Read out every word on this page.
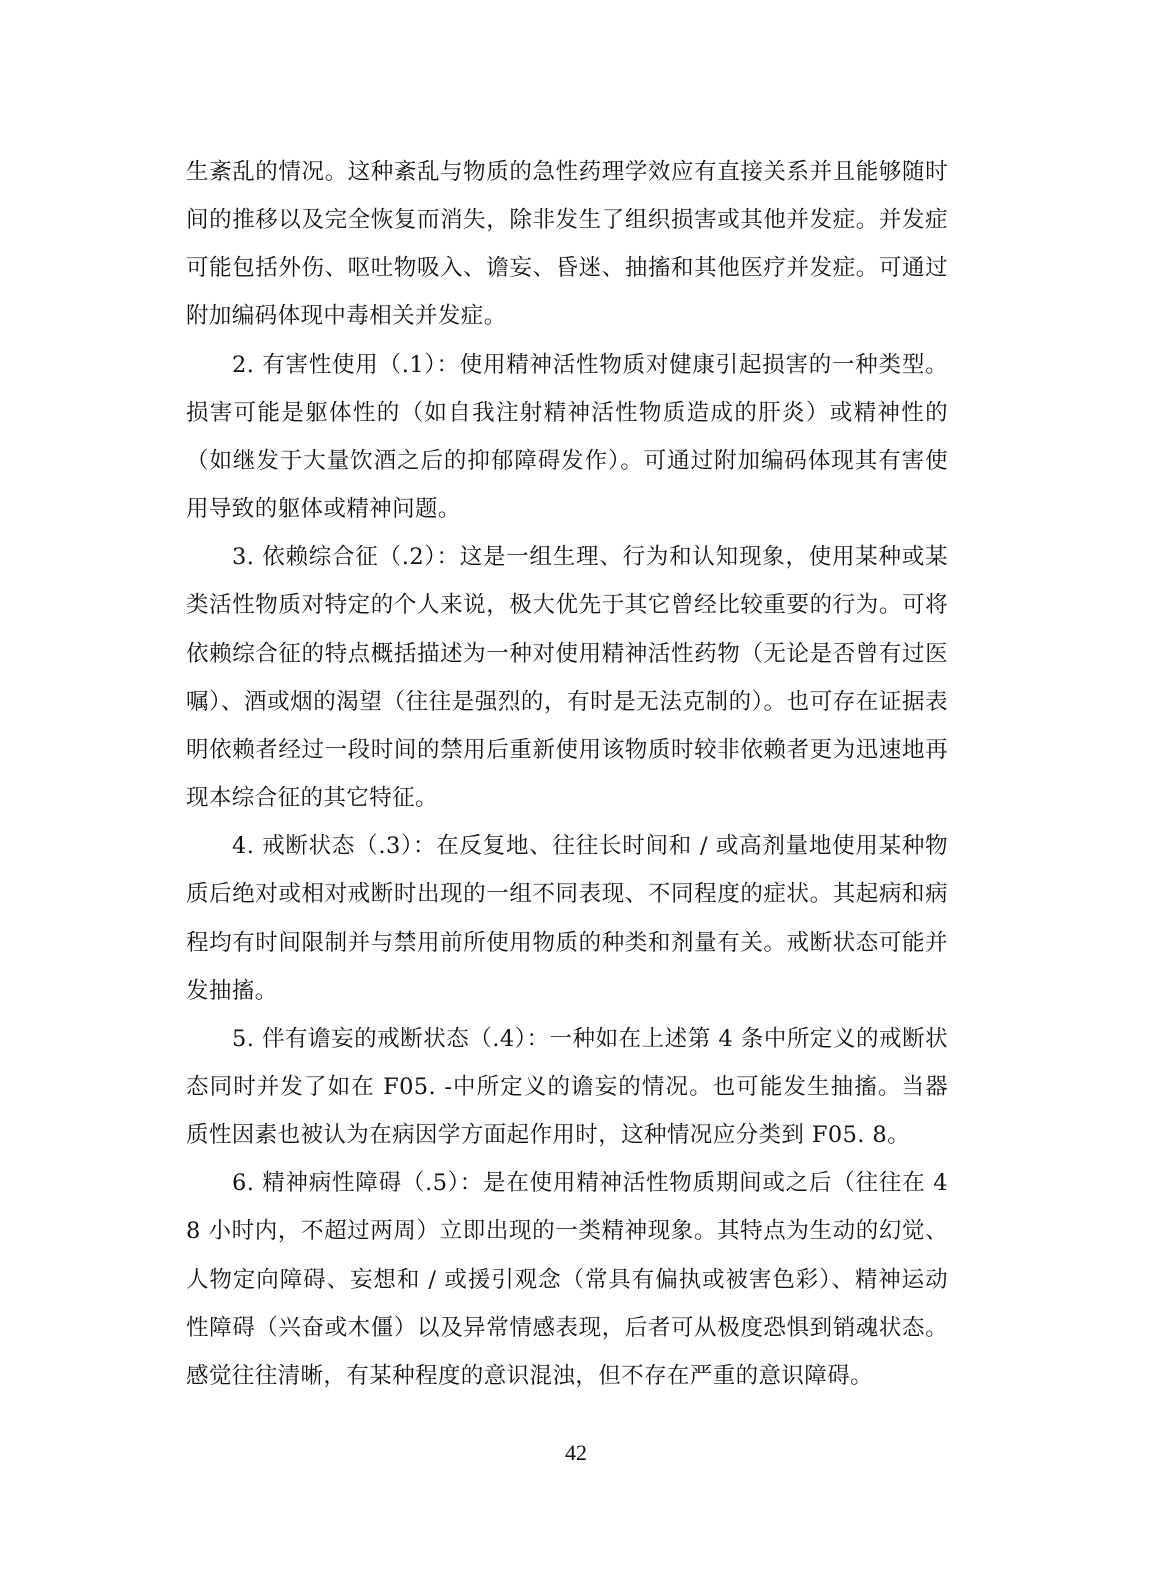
生紊乱的情况。这种紊乱与物质的急性药理学效应有直接关系并且能够随时间的推移以及完全恢复而消失，除非发生了组织损害或其他并发症。并发症可能包括外伤、呕吐物吸入、谵妄、昏迷、抽搐和其他医疗并发症。可通过附加编码体现中毒相关并发症。

2. 有害性使用（.1）：使用精神活性物质对健康引起损害的一种类型。损害可能是躯体性的（如自我注射精神活性物质造成的肝炎）或精神性的（如继发于大量饮酒之后的抑郁障碍发作）。可通过附加编码体现其有害使用导致的躯体或精神问题。

3. 依赖综合征（.2）：这是一组生理、行为和认知现象，使用某种或某类活性物质对特定的个人来说，极大优先于其它曾经比较重要的行为。可将依赖综合征的特点概括描述为一种对使用精神活性药物（无论是否曾有过医嘱）、酒或烟的渴望（往往是强烈的，有时是无法克制的）。也可存在证据表明依赖者经过一段时间的禁用后重新使用该物质时较非依赖者更为迅速地再现本综合征的其它特征。

4. 戒断状态（.3）：在反复地、往往长时间和 / 或高剂量地使用某种物质后绝对或相对戒断时出现的一组不同表现、不同程度的症状。其起病和病程均有时间限制并与禁用前所使用物质的种类和剂量有关。戒断状态可能并发抽搐。

5. 伴有谵妄的戒断状态（.4）：一种如在上述第 4 条中所定义的戒断状态同时并发了如在 F05. -中所定义的谵妄的情况。也可能发生抽搐。当器质性因素也被认为在病因学方面起作用时，这种情况应分类到 F05. 8。

6. 精神病性障碍（.5）：是在使用精神活性物质期间或之后（往往在 48 小时内，不超过两周）立即出现的一类精神现象。其特点为生动的幻觉、人物定向障碍、妄想和 / 或援引观念（常具有偏执或被害色彩）、精神运动性障碍（兴奋或木僵）以及异常情感表现，后者可从极度恐惧到销魂状态。感觉往往清晰，有某种程度的意识混浊，但不存在严重的意识障碍。

42
